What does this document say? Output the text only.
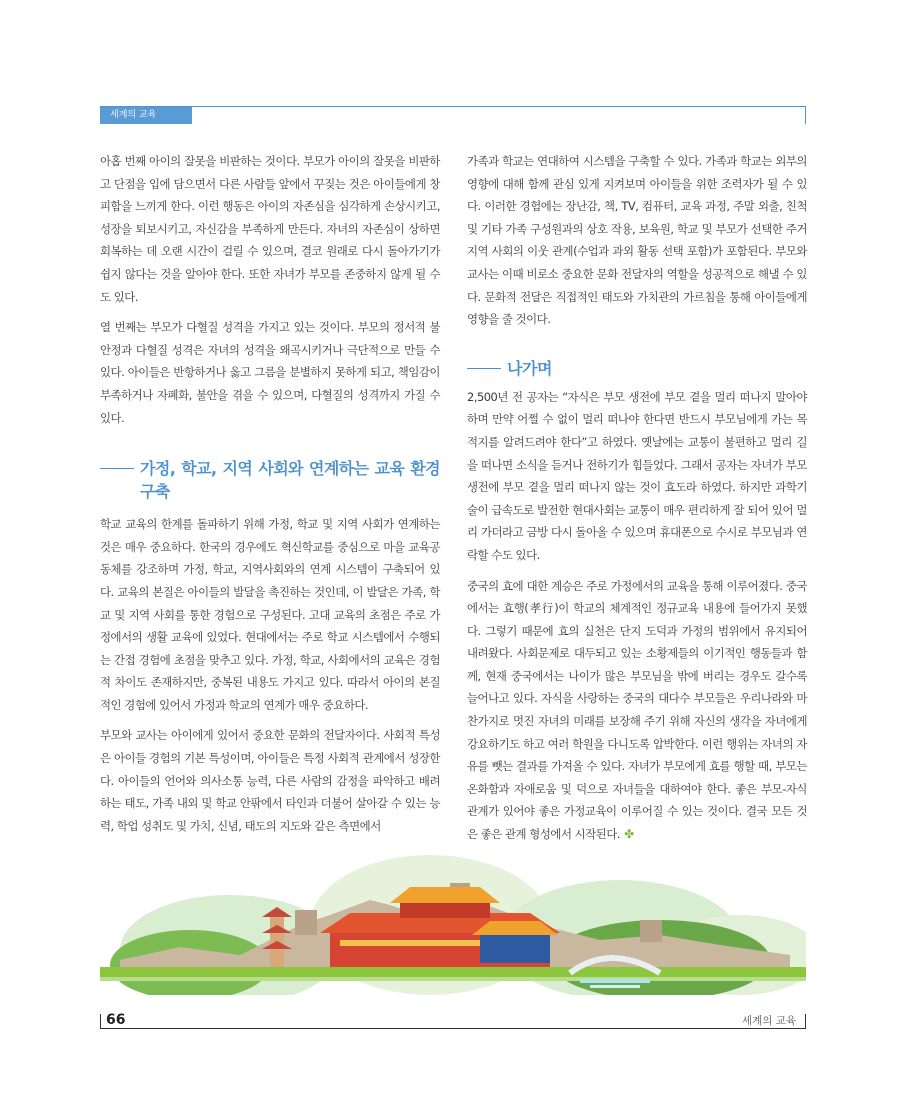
세계의 교육

아홉 번째 아이의 잘못을 비판하는 것이다. 부모가 아이의 잘못을 비판하고 단점을 입에 담으면서 다른 사람들 앞에서 꾸짖는 것은 아이들에게 창피함을 느끼게 한다. 이런 행동은 아이의 자존심을 심각하게 손상시키고, 성장을 퇴보시키고, 자신감을 부족하게 만든다. 자녀의 자존심이 상하면 회복하는 데 오랜 시간이 걸릴 수 있으며, 결코 원래로 다시 돌아가기가 쉽지 않다는 것을 알아야 한다. 또한 자녀가 부모를 존중하지 않게 될 수도 있다.

열 번째는 부모가 다혈질 성격을 가지고 있는 것이다. 부모의 정서적 불안정과 다혈질 성격은 자녀의 성격을 왜곡시키거나 극단적으로 만들 수 있다. 아이들은 반항하거나 옳고 그름을 분별하지 못하게 되고, 책임감이 부족하거나 자폐화, 불안을 겪을 수 있으며, 다혈질의 성격까지 가질 수 있다.

가정, 학교, 지역 사회와 연계하는 교육 환경 구축

학교 교육의 한계를 돌파하기 위해 가정, 학교 및 지역 사회가 연계하는 것은 매우 중요하다. 한국의 경우에도 혁신학교를 중심으로 마을 교육공동체를 강조하며 가정, 학교, 지역사회와의 연계 시스템이 구축되어 있다. 교육의 본질은 아이들의 발달을 촉진하는 것인데, 이 발달은 가족, 학교 및 지역 사회를 통한 경험으로 구성된다. 고대 교육의 초점은 주로 가정에서의 생활 교육에 있었다. 현대에서는 주로 학교 시스템에서 수행되는 간접 경험에 초점을 맞추고 있다. 가정, 학교, 사회에서의 교육은 경험적 차이도 존재하지만, 중복된 내용도 가지고 있다. 따라서 아이의 본질적인 경험에 있어서 가정과 학교의 연계가 매우 중요하다.

부모와 교사는 아이에게 있어서 중요한 문화의 전달자이다. 사회적 특성은 아이들 경험의 기본 특성이며, 아이들은 특정 사회적 관계에서 성장한다. 아이들의 언어와 의사소통 능력, 다른 사람의 감정을 파악하고 배려하는 태도, 가족 내외 및 학교 안팎에서 타인과 더불어 살아갈 수 있는 능력, 학업 성취도 및 가치, 신념, 태도의 지도와 같은 측면에서

가족과 학교는 연대하여 시스템을 구축할 수 있다. 가족과 학교는 외부의 영향에 대해 함께 관심 있게 지켜보며 아이들을 위한 조력자가 될 수 있다. 이러한 경험에는 장난감, 책, TV, 컴퓨터, 교육 과정, 주말 외출, 친척 및 기타 가족 구성원과의 상호 작용, 보육원, 학교 및 부모가 선택한 주거 지역 사회의 이웃 관계(수업과 과외 활동 선택 포함)가 포함된다. 부모와 교사는 이때 비로소 중요한 문화 전달자의 역할을 성공적으로 해낼 수 있다. 문화적 전달은 직접적인 태도와 가치관의 가르침을 통해 아이들에게 영향을 줄 것이다.

나가며

2,500년 전 공자는 “자식은 부모 생전에 부모 곁을 멀리 떠나지 말아야 하며 만약 어쩔 수 없이 멀리 떠나야 한다면 반드시 부모님에게 가는 목적지를 알려드려야 한다”고 하였다. 옛날에는 교통이 불편하고 멀리 길을 떠나면 소식을 듣거나 전하기가 힘들었다. 그래서 공자는 자녀가 부모 생전에 부모 곁을 멀리 떠나지 않는 것이 효도라 하였다. 하지만 과학기술이 급속도로 발전한 현대사회는 교통이 매우 편리하게 잘 되어 있어 멀리 가더라고 금방 다시 돌아올 수 있으며 휴대폰으로 수시로 부모님과 연락할 수도 있다.

중국의 효에 대한 계승은 주로 가정에서의 교육을 통해 이루어졌다. 중국에서는 효행(孝行)이 학교의 체계적인 정규교육 내용에 들어가지 못했다. 그렇기 때문에 효의 실천은 단지 도덕과 가정의 범위에서 유지되어 내려왔다. 사회문제로 대두되고 있는 소황제들의 이기적인 행동들과 함께, 현재 중국에서는 나이가 많은 부모님을 밖에 버리는 경우도 갈수록 늘어나고 있다. 자식을 사랑하는 중국의 대다수 부모들은 우리나라와 마찬가지로 멋진 자녀의 미래를 보장해 주기 위해 자신의 생각을 자녀에게 강요하기도 하고 여러 학원을 다니도록 압박한다. 이런 행위는 자녀의 자유를 뺏는 결과를 가져올 수 있다. 자녀가 부모에게 효를 행할 때, 부모는 온화함과 자애로움 및 덕으로 자녀들을 대하여야 한다. 좋은 부모-자식 관계가 있어야 좋은 가정교육이 이루어질 수 있는 것이다. 결국 모든 것은 좋은 관계 형성에서 시작된다. ✤

66	세계의 교육
